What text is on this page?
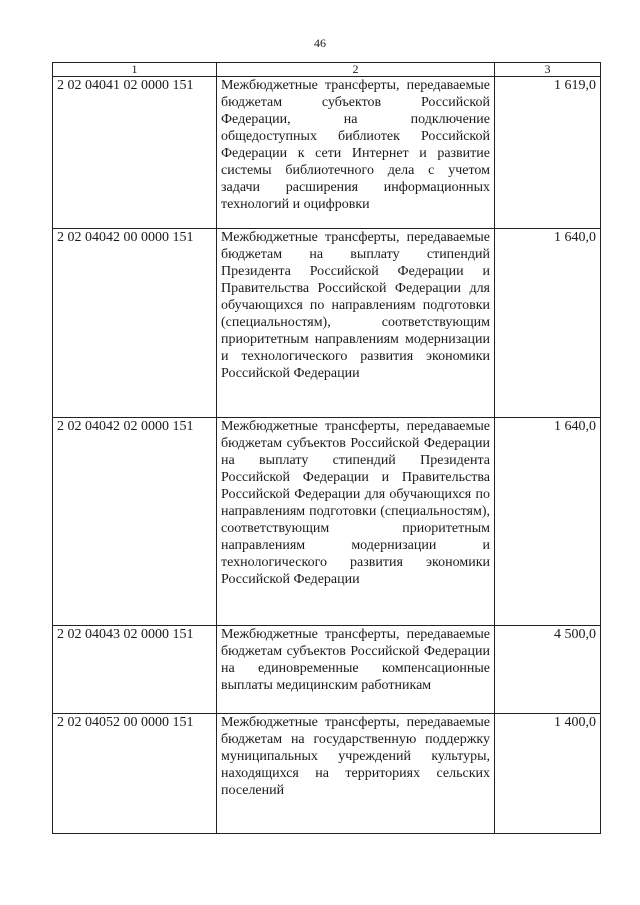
46
1	2	3
2 02 04041 02 0000 151	Межбюджетные трансферты, передаваемые бюджетам субъектов Российской Федерации, на подключение общедоступных библиотек Российской Федерации к сети Интернет и развитие системы библиотечного дела с учетом задачи расширения информационных технологий и оцифровки	1 619,0
2 02 04042 00 0000 151	Межбюджетные трансферты, передаваемые бюджетам на выплату стипендий Президента Российской Федерации и Правительства Российской Федерации для обучающихся по направлениям подготовки (специальностям), соответствующим приоритетным направлениям модернизации и технологического развития экономики Российской Федерации	1 640,0
2 02 04042 02 0000 151	Межбюджетные трансферты, передаваемые бюджетам субъектов Российской Федерации на выплату стипендий Президента Российской Федерации и Правительства Российской Федерации для обучающихся по направлениям подготовки (специальностям), соответствующим приоритетным направлениям модернизации и технологического развития экономики Российской Федерации	1 640,0
2 02 04043 02 0000 151	Межбюджетные трансферты, передаваемые бюджетам субъектов Российской Федерации на единовременные компенсационные выплаты медицинским работникам	4 500,0
2 02 04052 00 0000 151	Межбюджетные трансферты, передаваемые бюджетам на государственную поддержку муниципальных учреждений культуры, находящихся на территориях сельских поселений	1 400,0
